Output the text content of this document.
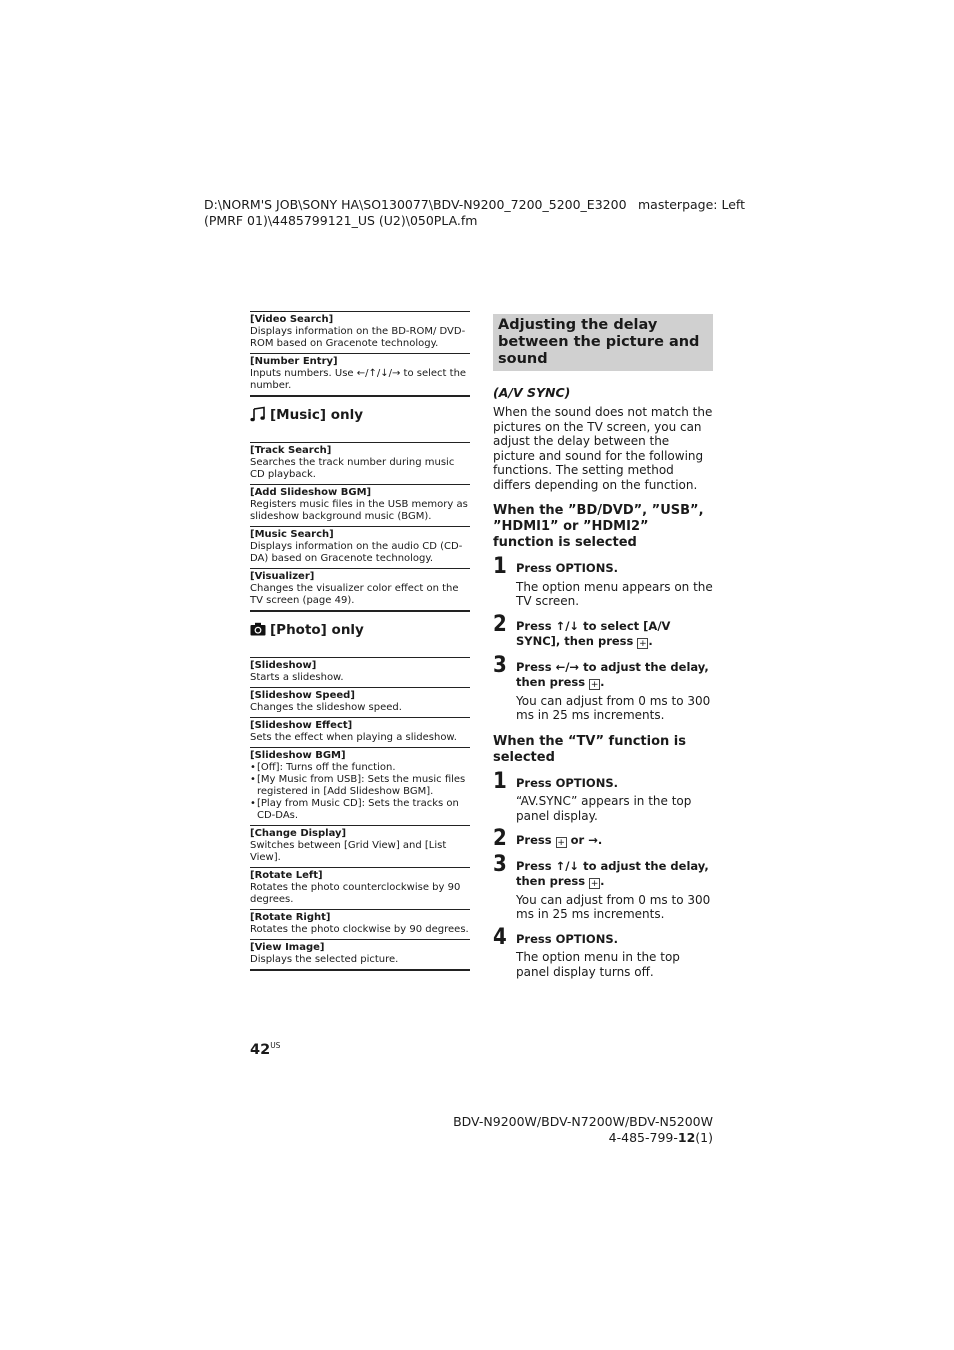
D:\NORM'S JOB\SONY HA\SO130077\BDV-N9200_7200_5200_E3200
(PMRF 01)\4485799121_US (U2)\050PLA.fm
masterpage: Left
[Video Search]
Displays information on the BD-ROM/ DVD-ROM based on Gracenote technology.
[Number Entry]
Inputs numbers. Use ←/↑/↓/→ to select the number.
[Music] only
[Track Search]
Searches the track number during music CD playback.
[Add Slideshow BGM]
Registers music files in the USB memory as slideshow background music (BGM).
[Music Search]
Displays information on the audio CD (CD-DA) based on Gracenote technology.
[Visualizer]
Changes the visualizer color effect on the TV screen (page 49).
[Photo] only
[Slideshow]
Starts a slideshow.
[Slideshow Speed]
Changes the slideshow speed.
[Slideshow Effect]
Sets the effect when playing a slideshow.
[Slideshow BGM]
• [Off]: Turns off the function.
• [My Music from USB]: Sets the music files registered in [Add Slideshow BGM].
• [Play from Music CD]: Sets the tracks on CD-DAs.
[Change Display]
Switches between [Grid View] and [List View].
[Rotate Left]
Rotates the photo counterclockwise by 90 degrees.
[Rotate Right]
Rotates the photo clockwise by 90 degrees.
[View Image]
Displays the selected picture.
Adjusting the delay between the picture and sound
(A/V SYNC)
When the sound does not match the pictures on the TV screen, you can adjust the delay between the picture and sound for the following functions. The setting method differs depending on the function.
When the ”BD/DVD”, ”USB”, ”HDMI1” or ”HDMI2” function is selected
1 Press OPTIONS.
The option menu appears on the TV screen.
2 Press ↑/↓ to select [A/V SYNC], then press + .
3 Press ←/→ to adjust the delay, then press + .
You can adjust from 0 ms to 300 ms in 25 ms increments.
When the “TV” function is selected
1 Press OPTIONS.
“AV.SYNC” appears in the top panel display.
2 Press + or →.
3 Press ↑/↓ to adjust the delay, then press + .
You can adjust from 0 ms to 300 ms in 25 ms increments.
4 Press OPTIONS.
The option menu in the top panel display turns off.
$42^{US}$
BDV-N9200W/BDV-N7200W/BDV-N5200W
4-485-799-12(1)
